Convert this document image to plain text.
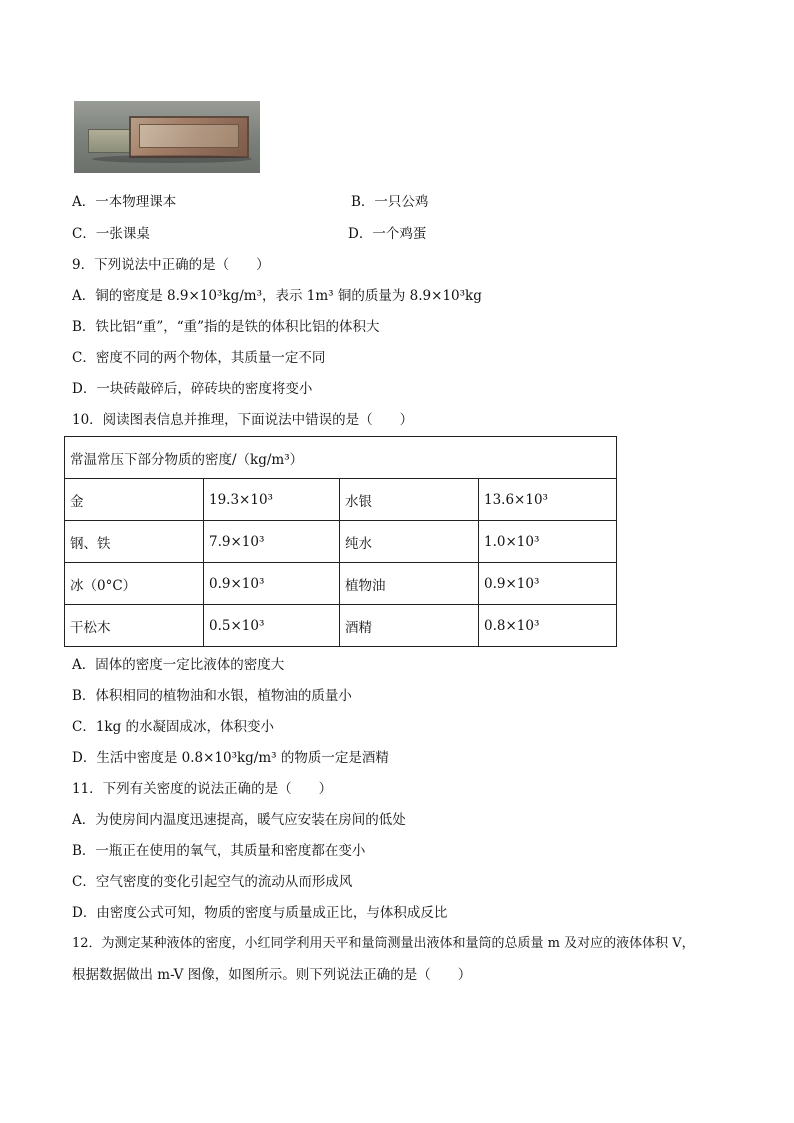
A．一本物理课本	B．一只公鸡
C．一张课桌	D．一个鸡蛋
9．下列说法中正确的是（　　）
A．铜的密度是 8.9×10³kg/m³，表示 1m³ 铜的质量为 8.9×10³kg
B．铁比铝“重”，“重”指的是铁的体积比铝的体积大
C．密度不同的两个物体，其质量一定不同
D．一块砖敲碎后，碎砖块的密度将变小
10．阅读图表信息并推理，下面说法中错误的是（　　）
常温常压下部分物质的密度/（kg/m³）			
金	19.3×10³	水银	13.6×10³
钢、铁	7.9×10³	纯水	1.0×10³
冰（0°C）	0.9×10³	植物油	0.9×10³
干松木	0.5×10³	酒精	0.8×10³
A．固体的密度一定比液体的密度大
B．体积相同的植物油和水银，植物油的质量小
C．1kg 的水凝固成冰，体积变小
D．生活中密度是 0.8×10³kg/m³ 的物质一定是酒精
11．下列有关密度的说法正确的是（　　）
A．为使房间内温度迅速提高，暖气应安装在房间的低处
B．一瓶正在使用的氧气，其质量和密度都在变小
C．空气密度的变化引起空气的流动从而形成风
D．由密度公式可知，物质的密度与质量成正比，与体积成反比
12．为测定某种液体的密度，小红同学利用天平和量筒测量出液体和量筒的总质量 m 及对应的液体体积 V，
根据数据做出 m-V 图像，如图所示。则下列说法正确的是（　　）
